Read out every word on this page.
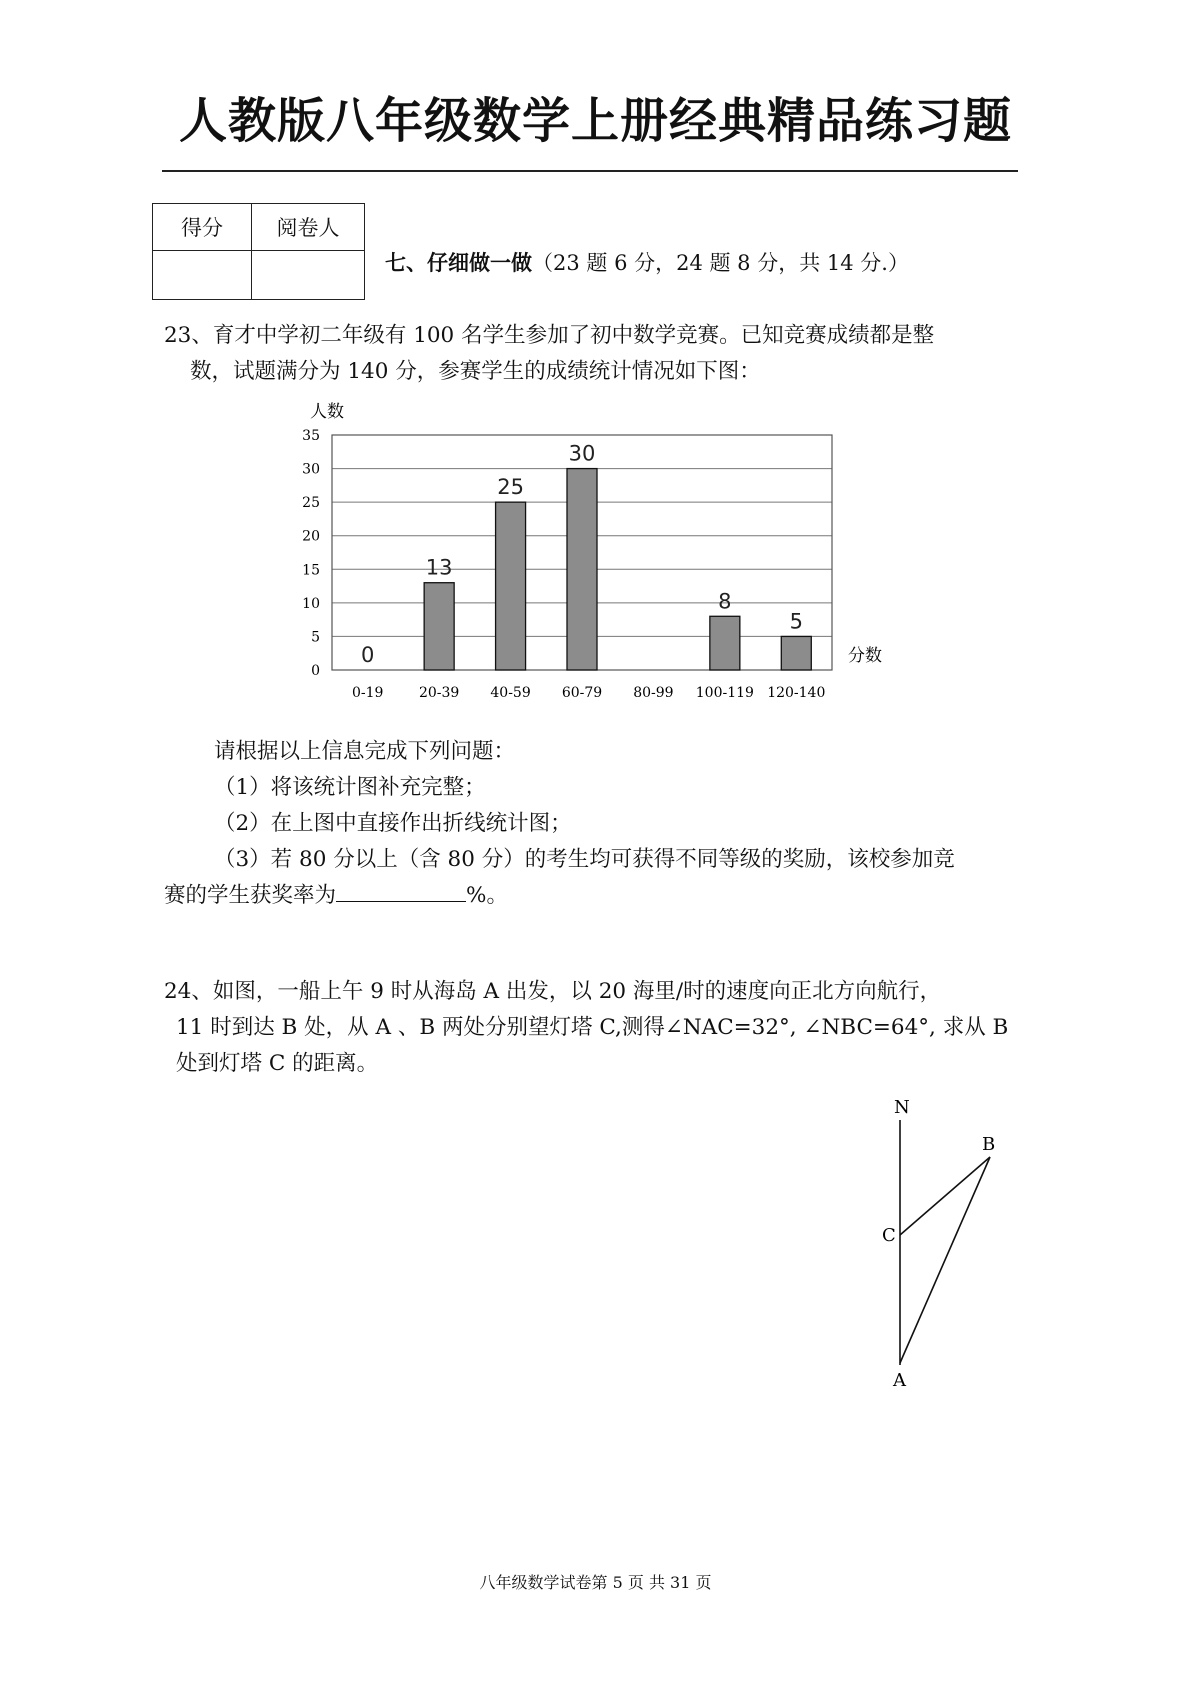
人教版八年级数学上册经典精品练习题
得分	阅卷人

七、仔细做一做（23 题 6 分，24 题 8 分，共 14 分.）
23、育才中学初二年级有 100 名学生参加了初中数学竞赛。已知竞赛成绩都是整
数，试题满分为 140 分，参赛学生的成绩统计情况如下图：
0
5
10
15
20
25
30
35
0
13
25
30
8
5
0-19	20-39 40-59 60-79 80-99 100-119 120-140
人数
分数
请根据以上信息完成下列问题：
（1）将该统计图补充完整；
（2）在上图中直接作出折线统计图；
（3）若 80 分以上（含 80 分）的考生均可获得不同等级的奖励，该校参加竞
赛的学生获奖率为	%。
24、如图，一船上午 9 时从海岛 A 出发，以 20 海里/时的速度向正北方向航行，
11 时到达 B 处，从 A 、B 两处分别望灯塔 C,测得∠NAC=32°, ∠NBC=64°, 求从 B
处到灯塔 C 的距离。
N
B
C
A
八年级数学试卷第 5 页 共 31 页
